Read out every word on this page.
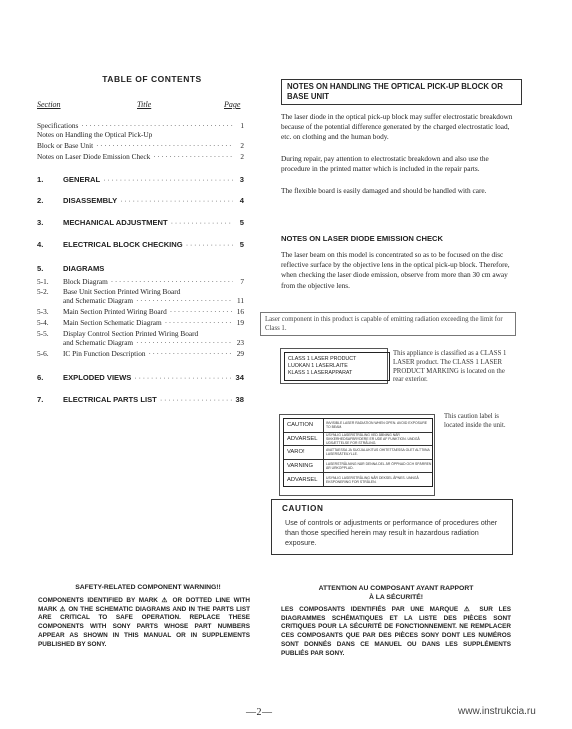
TABLE OF CONTENTS
Section	Title	Page
Specifications ·····	1
Notes on Handling the Optical Pick-Up
Block or Base Unit ·····	2
Notes on Laser Diode Emission Check ·····	2
1.	GENERAL ·····	3
2.	DISASSEMBLY ·····	4
3.	MECHANICAL ADJUSTMENT ·····	5
4.	ELECTRICAL BLOCK CHECKING ·····	5
5.	DIAGRAMS
5-1.	Block Diagram ·····	7
5-2.	Base Unit Section Printed Wiring Board
and Schematic Diagram ·····	11
5-3.	Main Section Printed Wiring Board ·····	16
5-4.	Main Section Schematic Diagram ·····	19
5-5.	Display Control Section Printed Wiring Board
and Schematic Diagram ·····	23
5-6.	IC Pin Function Description ·····	29
6.	EXPLODED VIEWS ·····	34
7.	ELECTRICAL PARTS LIST ·····	38
NOTES ON HANDLING THE OPTICAL PICK-UP BLOCK OR BASE UNIT
The laser diode in the optical pick-up block may suffer electrostatic breakdown because of the potential difference generated by the charged electrostatic load, etc. on clothing and the human body.
During repair, pay attention to electrostatic breakdown and also use the procedure in the printed matter which is included in the repair parts.
The flexible board is easily damaged and should be handled with care.
NOTES ON LASER DIODE EMISSION CHECK
The laser beam on this model is concentrated so as to be focused on the disc reflective surface by the objective lens in the optical pick-up block. Therefore, when checking the laser diode emission, observe from more than 30 cm away from the objective lens.
Laser component in this product is capable of emitting radiation exceeding the limit for Class 1.
CLASS 1 LASER PRODUCT
LUOKAN 1 LASERLAITE
KLASS 1 LASERAPPARAT
This appliance is classified as a CLASS 1 LASER product. The CLASS 1 LASER PRODUCT MARKING is located on the rear exterior.
CAUTION	INVISIBLE LASER RADIATION WHEN OPEN. AVOID EXPOSURE TO BEAM.
ADVARSEL
USYNLIG LASERSTRÅLING VED ÅBNING NÅR SIKKERHEDSAFBRYDERE ER UDE AF FUNKTION. UNDGÅ UDSÆTTELSE FOR STRÅLING.
VARO!	AVATTAESSA JA SUOJALUKITUS OHITETTAESSA OLET ALTTIINA LASERSÄTEILYLLE.
VARNING	LASERSTRÅLNING NÄR DENNA DEL ÄR ÖPPNAD OCH SPÄRREN ÄR URKOPPLAD.
ADVARSEL	USYNLIG LASERSTRÅLING NÅR DEKSEL ÅPNES. UNNGÅ EKSPONERING FOR STRÅLEN.
This caution label is located inside the unit.
CAUTION
Use of controls or adjustments or performance of procedures other than those specified herein may result in hazardous radiation exposure.
SAFETY-RELATED COMPONENT WARNING!!
COMPONENTS IDENTIFIED BY MARK ⚠ OR DOTTED LINE WITH MARK ⚠ ON THE SCHEMATIC DIAGRAMS AND IN THE PARTS LIST ARE CRITICAL TO SAFE OPERATION. REPLACE THESE COMPONENTS WITH SONY PARTS WHOSE PART NUMBERS APPEAR AS SHOWN IN THIS MANUAL OR IN SUPPLEMENTS PUBLISHED BY SONY.
ATTENTION AU COMPOSANT AYANT RAPPORT
À LA SÉCURITÉ!
LES COMPOSANTS IDENTIFIÉS PAR UNE MARQUE ⚠ SUR LES DIAGRAMMES SCHÉMATIQUES ET LA LISTE DES PIÈCES SONT CRITIQUES POUR LA SÉCURITÉ DE FONCTIONNEMENT. NE REMPLACER CES COMPOSANTS QUE PAR DES PIÈCES SONY DONT LES NUMÉROS SONT DONNÉS DANS CE MANUEL OU DANS LES SUPPLÉMENTS PUBLIÉS PAR SONY.
—2—	www.instrukcia.ru
